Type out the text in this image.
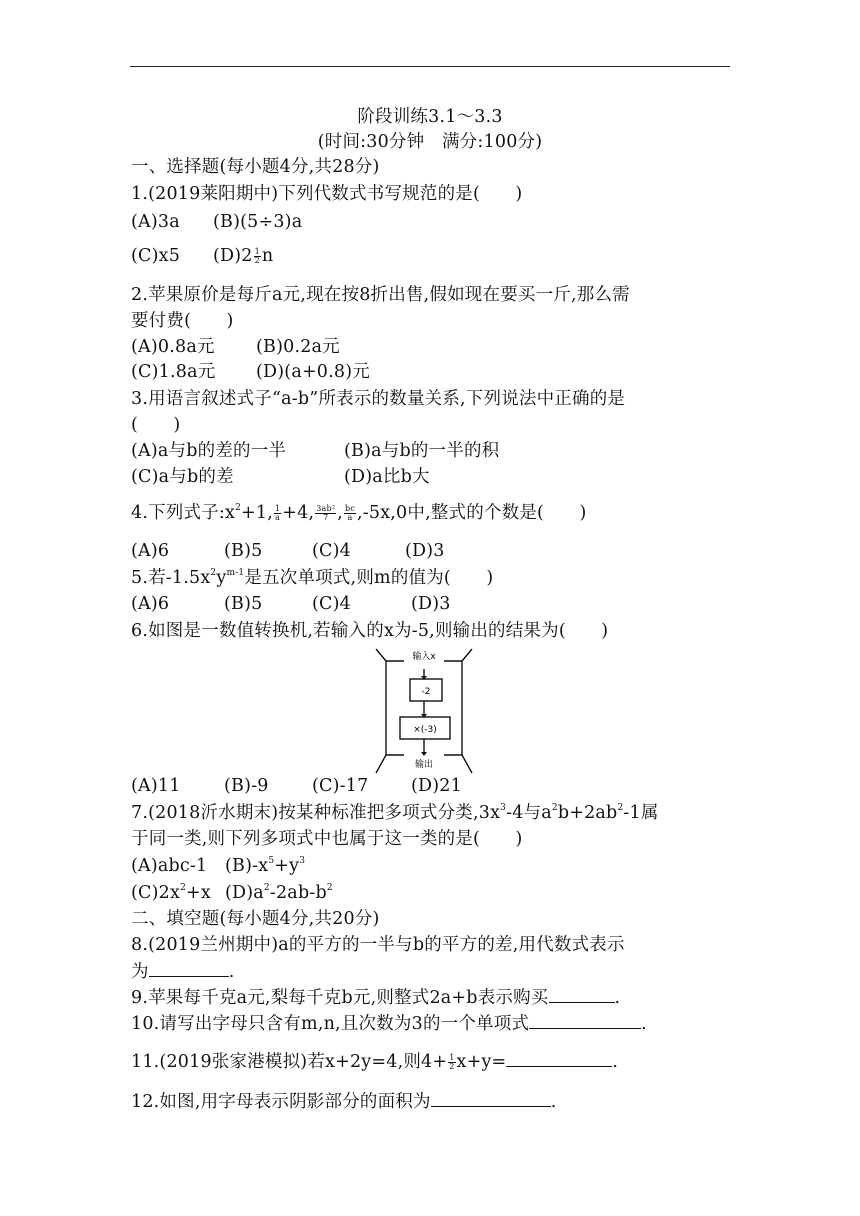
阶段训练3.1～3.3
(时间:30分钟　满分:100分)
一、选择题(每小题4分,共28分)
1.(2019莱阳期中)下列代数式书写规范的是(　　)
(A)3a (B)(5÷3)a
(C)x5 $(D)2 \frac{1}{2}$ n
2.苹果原价是每斤a元,现在按8折出售,假如现在要买一斤,那么需
要付费(　　)
(A)0.8a元 (B)0.2a元
(C)1.8a元 (D)(a+0.8)元
3.用语言叙述式子“a-b”所表示的数量关系,下列说法中正确的是
(　　)
(A)a与b的差的一半	(B)a与b的一半的积
(C)a与b的差	(D)a比b大
4.下列式子$:x^2+1$, $\frac{1}{a} +4$, $\frac{\text{3ab²}}{7}$ , $\frac{bc}{a} ,-5x,0$中,整式的个数是(　　)
(A)6	(B)5	(C)4	(D)3
5.若$-1.5x^2y^{m-1}$是五次单项式,则m的值为(　　)
(A)6	(B)5	(C)4	(D)3
6.如图是一数值转换机,若输入的x为-5,则输出的结果为(　　)
输入x
-2
×(-3)
输出
(A)11 (B)-9 (C)-17 (D)21
7.(2018沂水期末)按某种标准把多项式分类$,3x^3-4$与$a^2b+2ab^2-1$属
于同一类,则下列多项式中也属于这一类的是(　　)
(A)abc-1 $(B)-x^5+y^3$
$(C)2x^2+x$ $(D)a^2-2ab-b^2$
二、填空题(每小题4分,共20分)
8.(2019兰州期中)a的平方的一半与b的平方的差,用代数式表示
为	.
9.苹果每千克a元,梨每千克b元,则整式2a+b表示购买	.
10.请写出字母只含有m,n,且次数为3的一个单项式	.
11.(2019张家港模拟)若x+2y=4,则$4+ \frac{1}{2} x+y=$	.
12.如图,用字母表示阴影部分的面积为	.
